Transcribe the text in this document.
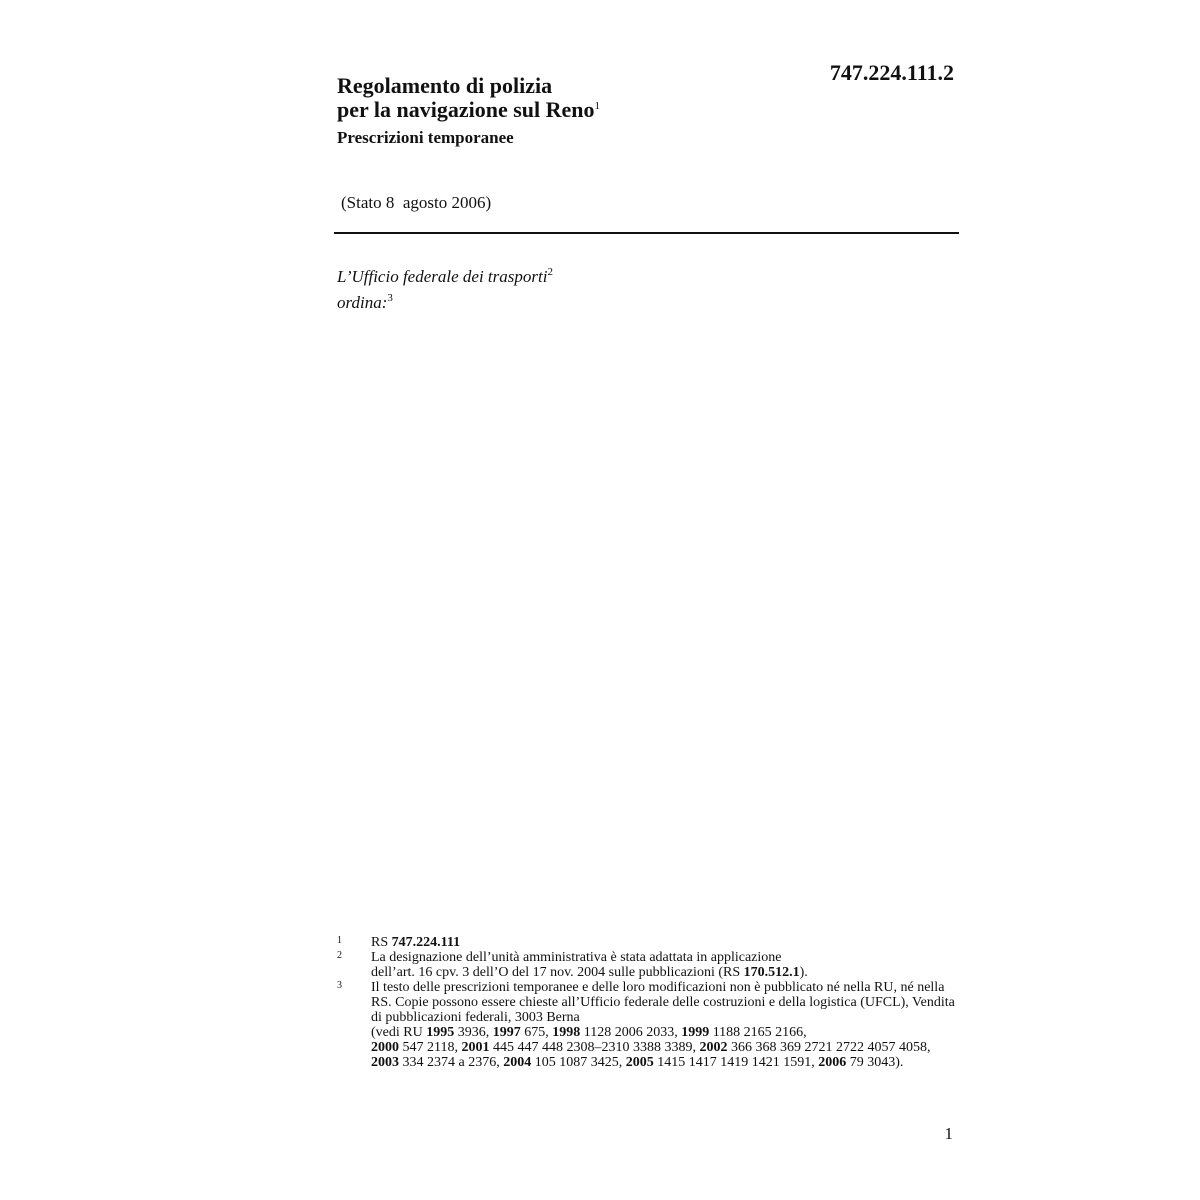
747.224.111.2
Regolamento di polizia
per la navigazione sul Reno$^1$
Prescrizioni temporanee
(Stato 8  agosto 2006)
L’Ufficio federale dei trasporti$^2$
ordina:$^3$
1	RS 747.224.111
2	La designazione dell’unità amministrativa è stata adattata in applicazione
dell’art. 16 cpv. 3 dell’O del 17 nov. 2004 sulle pubblicazioni (RS 170.512.1).
3	Il testo delle prescrizioni temporanee e delle loro modificazioni non è pubblicato né nella RU, né nella RS. Copie possono essere chieste all’Ufficio federale delle costruzioni e della logistica (UFCL), Vendita di pubblicazioni federali, 3003 Berna
(vedi RU 1995 3936, 1997 675, 1998 1128 2006 2033, 1999 1188 2165 2166,
2000 547 2118, 2001 445 447 448 2308–2310 3388 3389, 2002 366 368 369 2721 2722 4057 4058, 2003 334 2374 a 2376, 2004 105 1087 3425, 2005 1415 1417 1419 1421 1591, 2006 79 3043).
1
